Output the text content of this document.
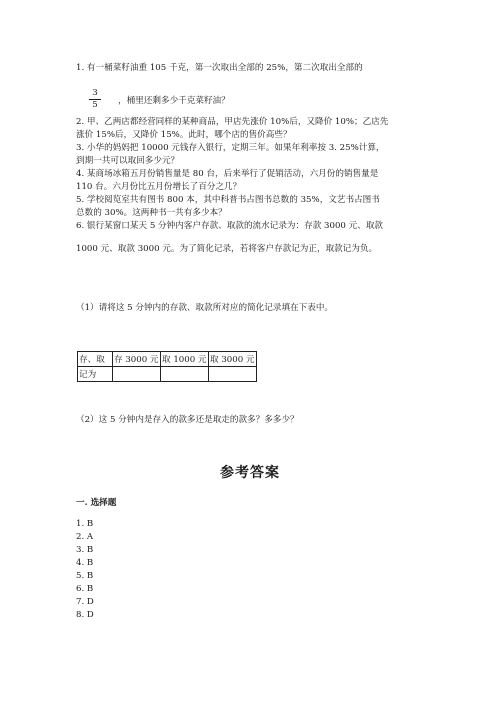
1. 有一桶菜籽油重 105 千克，第一次取出全部的 25%，第二次取出全部的
3
5	，桶里还剩多少千克菜籽油？
2. 甲、乙两店都经营同样的某种商品，甲店先涨价 10%后，又降价 10%；乙店先
涨价 15%后，又降价 15%。此时，哪个店的售价高些？
3. 小华的妈妈把 10000 元钱存入银行，定期三年。如果年利率按 3. 25%计算，
到期一共可以取回多少元？
4. 某商场冰箱五月份销售量是 80 台，后来举行了促销活动，六月份的销售量是
110 台。六月份比五月份增长了百分之几？
5. 学校阅览室共有图书 800 本，其中科普书占图书总数的 35%，文艺书占图书
总数的 30%。这两种书一共有多少本？
6. 银行某窗口某天 5 分钟内客户存款、取款的流水记录为：存款 3000 元、取款
1000 元、取款 3000 元。为了简化记录，若将客户存款记为正，取款记为负。
（1）请将这 5 分钟内的存款、取款所对应的简化记录填在下表中。
存、取	存 3000 元	取 1000 元	取 3000 元
记为			
（2）这 5 分钟内是存入的款多还是取走的款多？多多少？
参考答案
一. 选择题
1. B
2. A
3. B
4. B
5. B
6. B
7. D
8. D
